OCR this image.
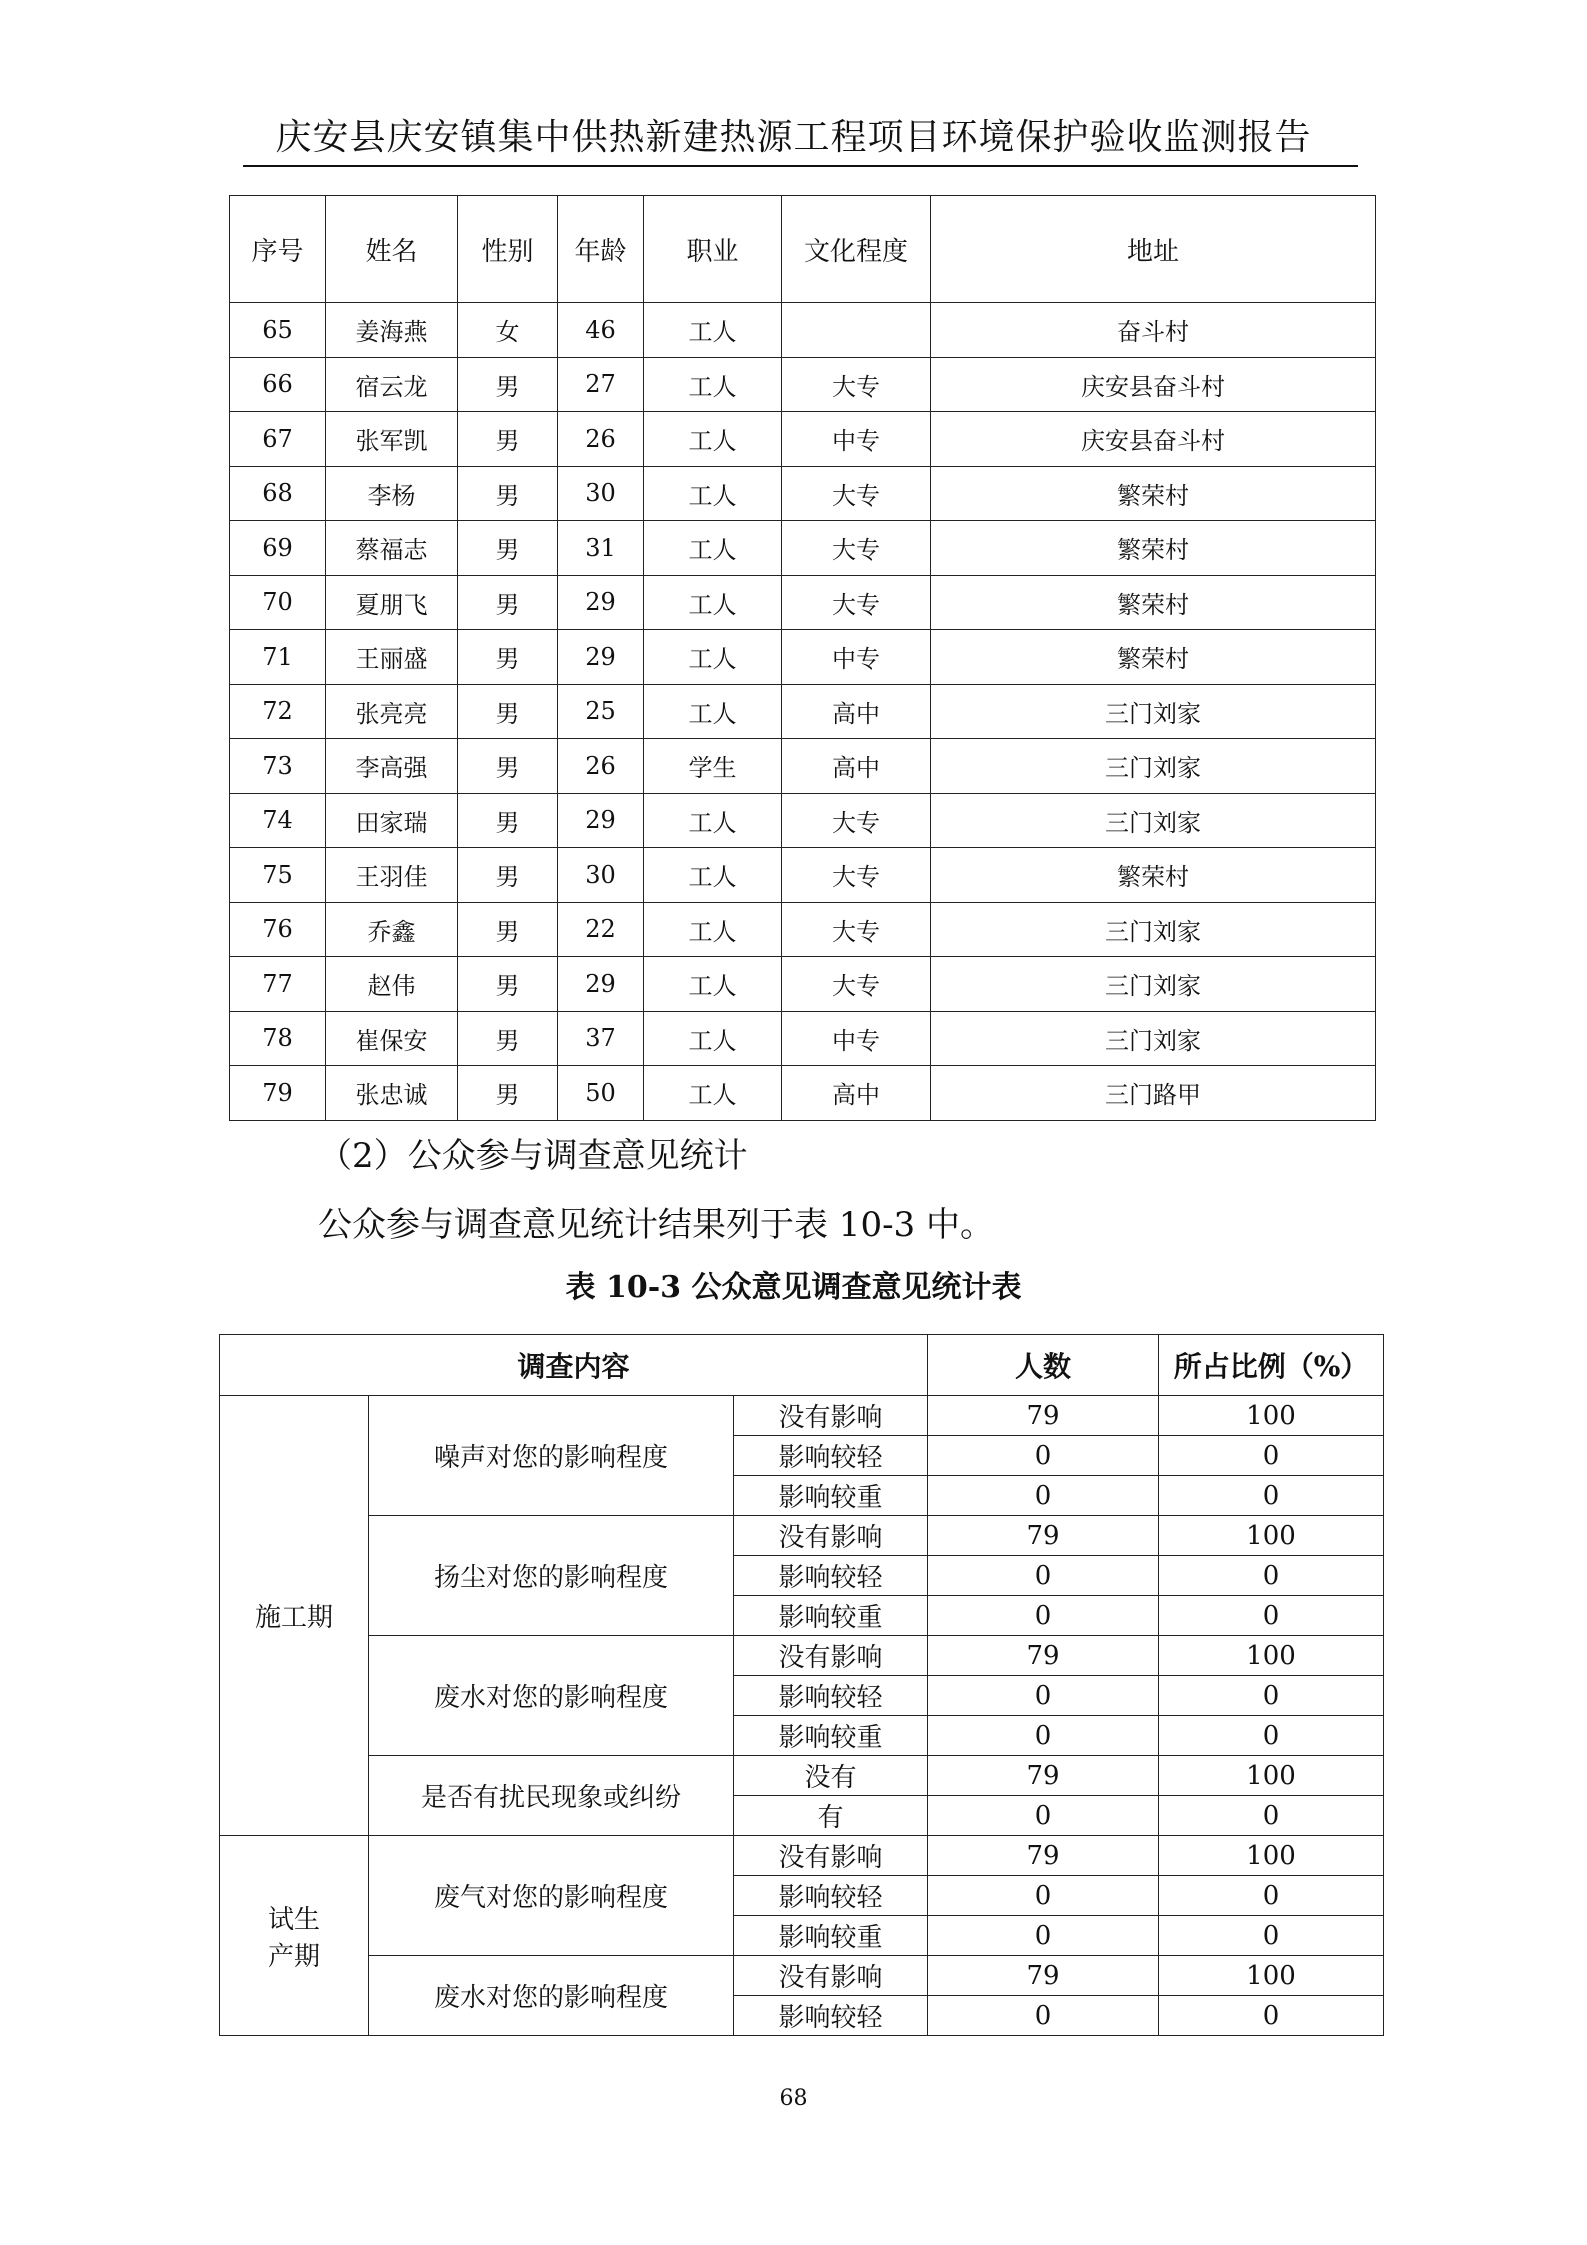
庆安县庆安镇集中供热新建热源工程项目环境保护验收监测报告
序号	姓名	性别	年龄	职业	文化程度	地址
65	姜海燕	女	46	工人		奋斗村
66	宿云龙	男	27	工人	大专	庆安县奋斗村
67	张军凯	男	26	工人	中专	庆安县奋斗村
68	李杨	男	30	工人	大专	繁荣村
69	蔡福志	男	31	工人	大专	繁荣村
70	夏朋飞	男	29	工人	大专	繁荣村
71	王丽盛	男	29	工人	中专	繁荣村
72	张亮亮	男	25	工人	高中	三门刘家
73	李高强	男	26	学生	高中	三门刘家
74	田家瑞	男	29	工人	大专	三门刘家
75	王羽佳	男	30	工人	大专	繁荣村
76	乔鑫	男	22	工人	大专	三门刘家
77	赵伟	男	29	工人	大专	三门刘家
78	崔保安	男	37	工人	中专	三门刘家
79	张忠诚	男	50	工人	高中	三门路甲
（2）公众参与调查意见统计
公众参与调查意见统计结果列于表 10-3 中。
表 10-3 公众意见调查意见统计表
调查内容			人数	所占比例（%）
施工期	噪声对您的影响程度	没有影响	79	100
		影响较轻	0	0
		影响较重	0	0
	扬尘对您的影响程度	没有影响	79	100
		影响较轻	0	0
		影响较重	0	0
	废水对您的影响程度	没有影响	79	100
		影响较轻	0	0
		影响较重	0	0
	是否有扰民现象或纠纷	没有	79	100
		有	0	0
试生产期	废气对您的影响程度	没有影响	79	100
		影响较轻	0	0
		影响较重	0	0
	废水对您的影响程度	没有影响	79	100
		影响较轻	0	0
68
